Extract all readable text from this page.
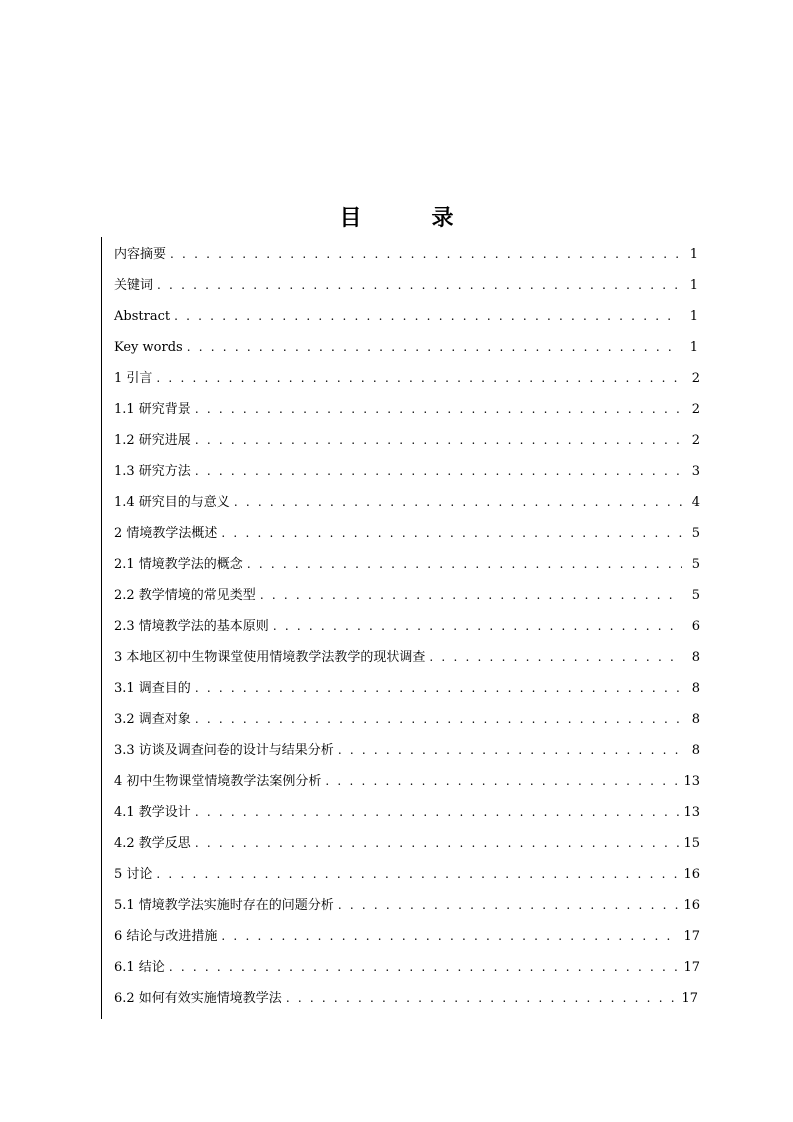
目　录
内容摘要 . . .	1
关键词 . . .	1
Abstract . . .	1
Key words . . .	1
1 引言 . . .	2
1.1 研究背景 . . .	2
1.2 研究进展 . . .	2
1.3 研究方法 . . .	3
1.4 研究目的与意义 . . .	4
2 情境教学法概述 . . .	5
2.1 情境教学法的概念 . . .	5
2.2 教学情境的常见类型 . . .	5
2.3 情境教学法的基本原则 . . .	6
3 本地区初中生物课堂使用情境教学法教学的现状调查 . . .	8
3.1 调查目的 . . .	8
3.2 调查对象 . . .	8
3.3 访谈及调查问卷的设计与结果分析 . . .	8
4 初中生物课堂情境教学法案例分析 . . .	13
4.1 教学设计 . . .	13
4.2 教学反思 . . .	15
5 讨论 . . .	16
5.1 情境教学法实施时存在的问题分析 . . .	16
6 结论与改进措施 . . .	17
6.1 结论 . . .	17
6.2 如何有效实施情境教学法 . . .	17
